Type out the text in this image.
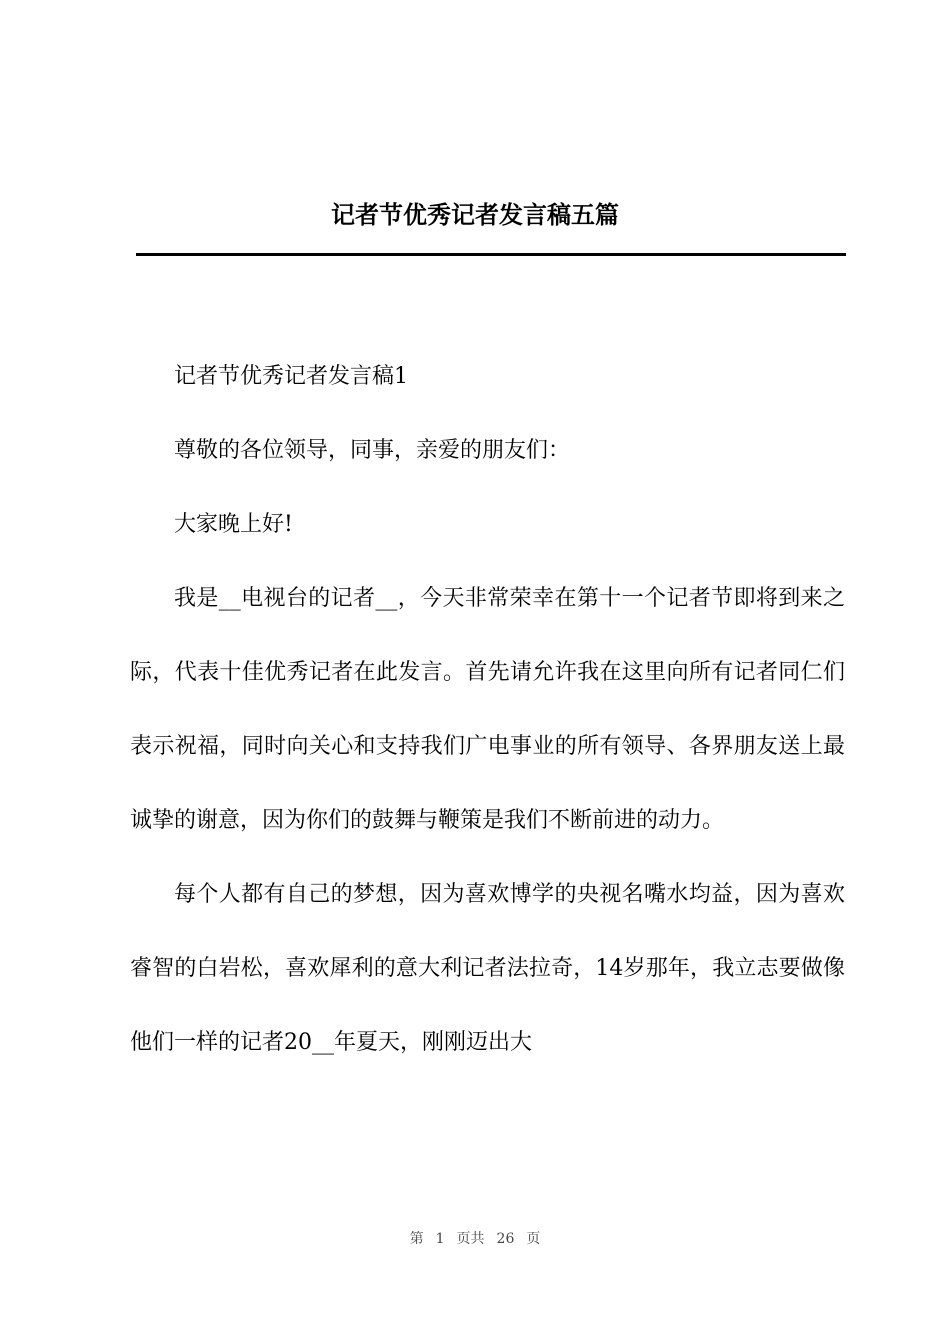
记者节优秀记者发言稿五篇

记者节优秀记者发言稿1

尊敬的各位领导，同事，亲爱的朋友们：

大家晚上好!

我是__电视台的记者__，今天非常荣幸在第十一个记者节即将到来之际，代表十佳优秀记者在此发言。首先请允许我在这里向所有记者同仁们表示祝福，同时向关心和支持我们广电事业的所有领导、各界朋友送上最诚挚的谢意，因为你们的鼓舞与鞭策是我们不断前进的动力。

每个人都有自己的梦想，因为喜欢博学的央视名嘴水均益，因为喜欢睿智的白岩松，喜欢犀利的意大利记者法拉奇，14岁那年，我立志要做像他们一样的记者20__年夏天，刚刚迈出大

第 1 页共 26 页
